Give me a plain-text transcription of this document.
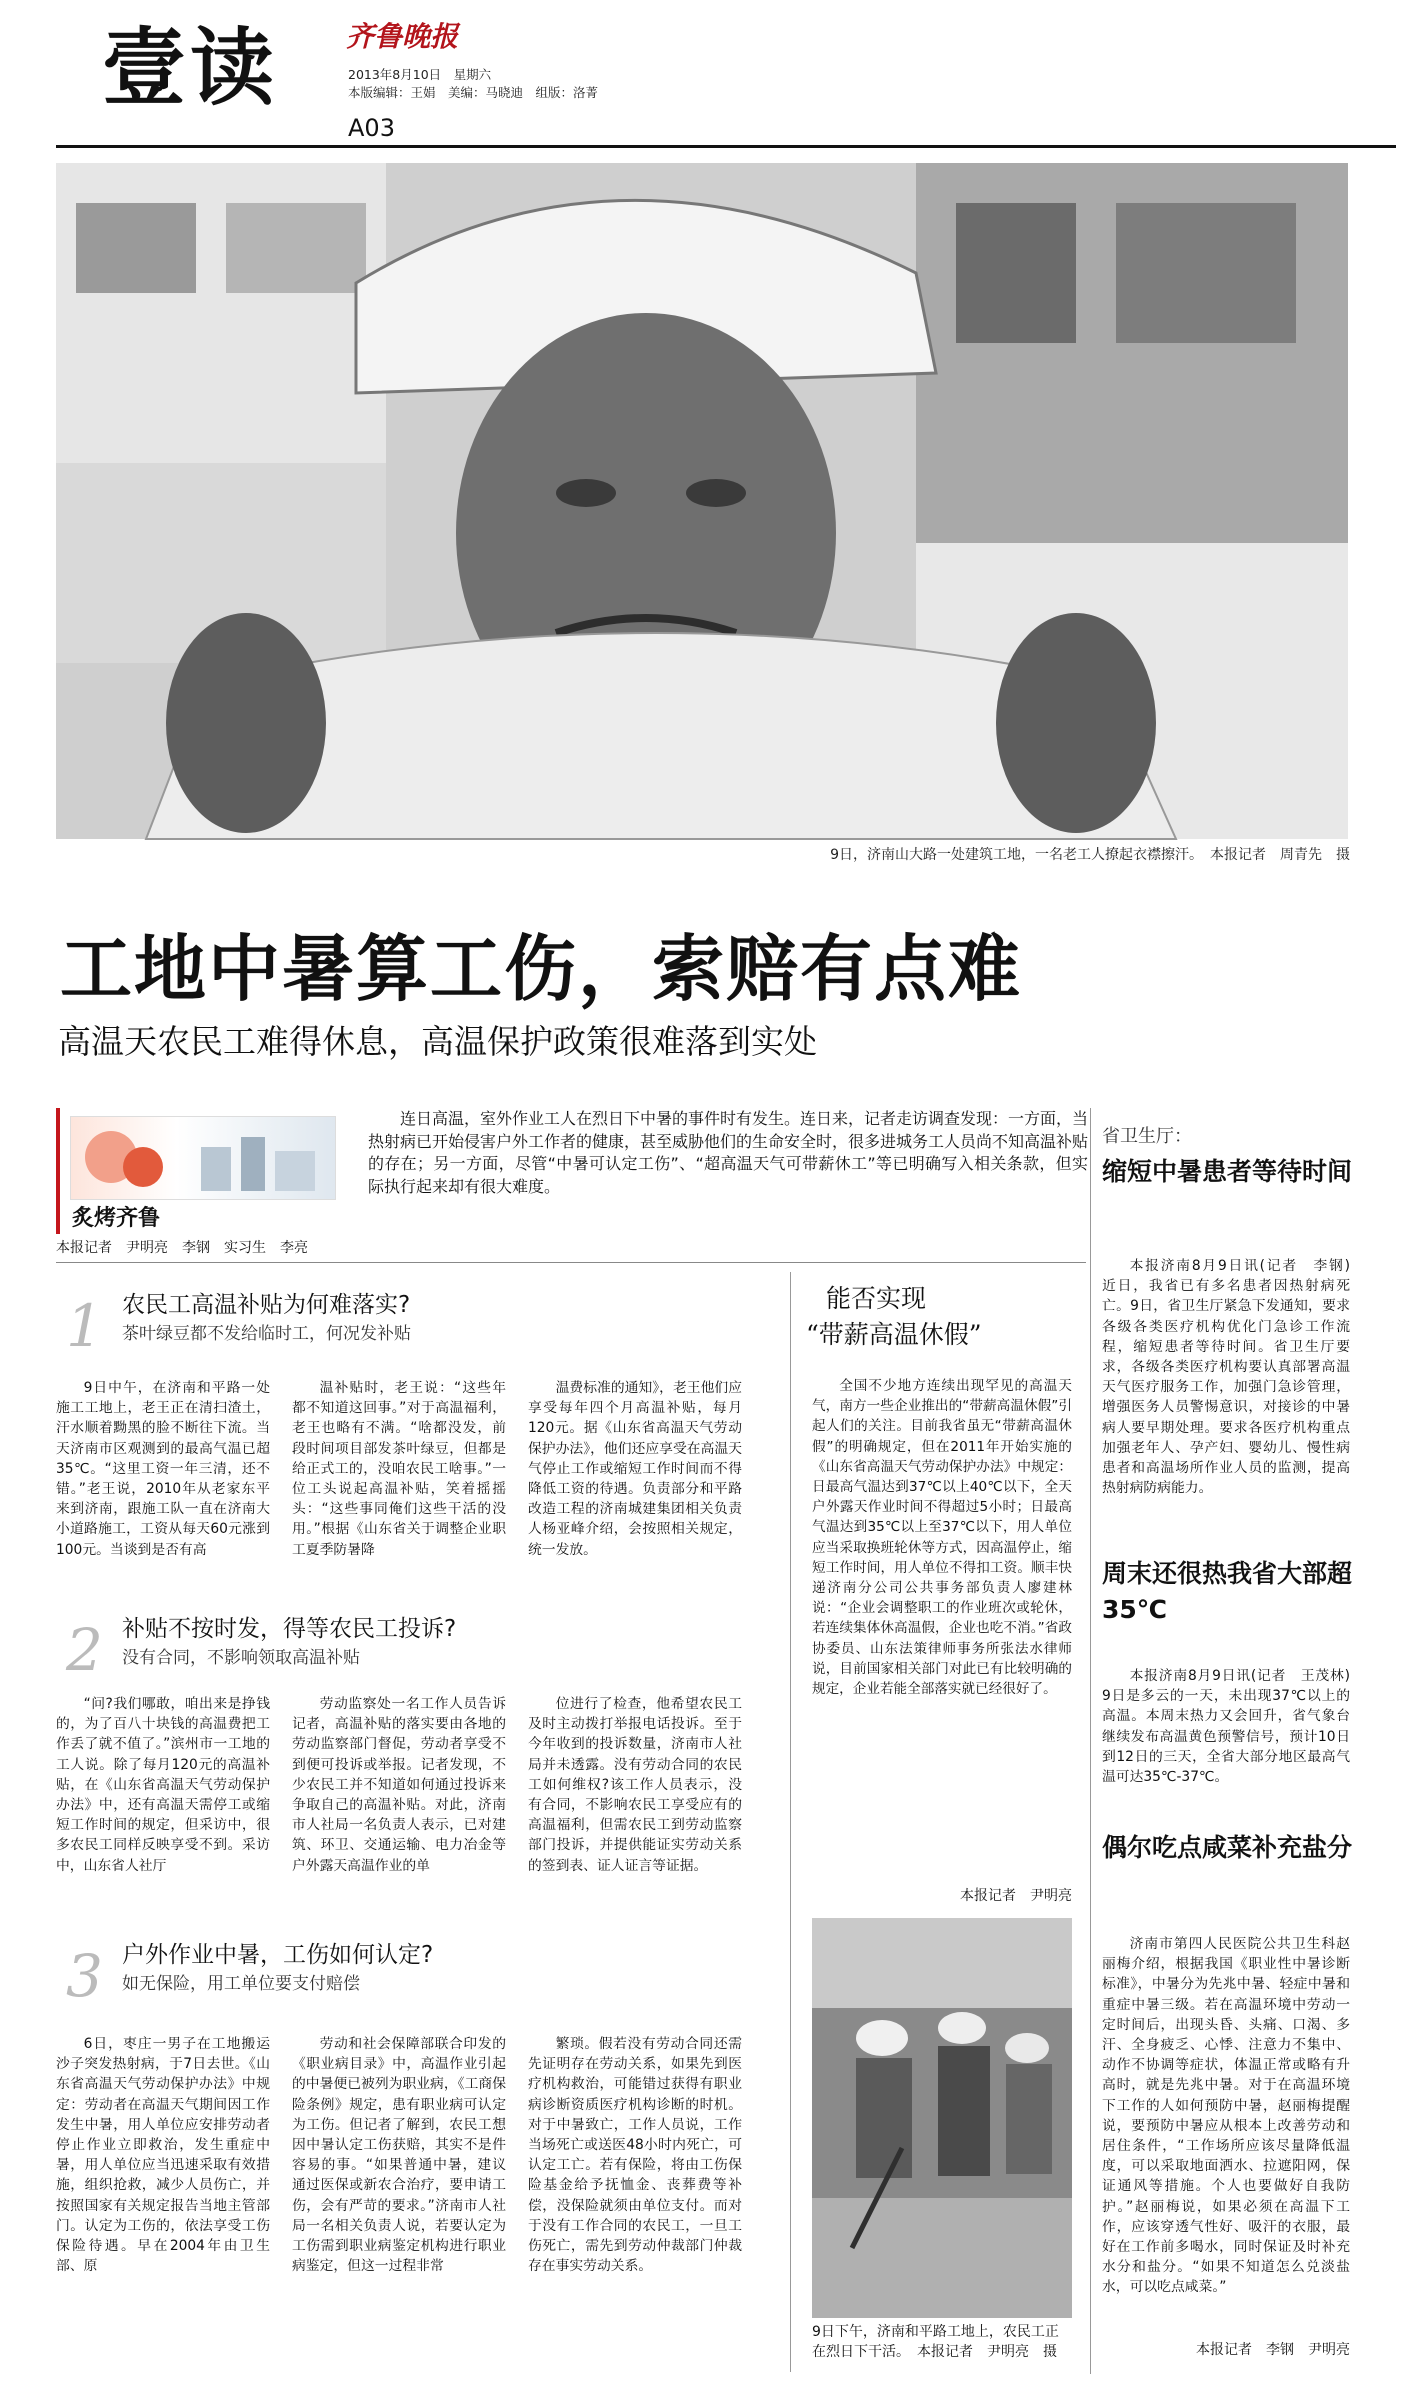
壹读 齐鲁晚报
2013年8月10日　星期六
本版编辑：王娟　美编：马晓迪　组版：洛菁
A03
9日，济南山大路一处建筑工地，一名老工人撩起衣襟擦汗。　本报记者　周青先　摄
工地中暑算工伤，索赔有点难
高温天农民工难得休息，高温保护政策很难落到实处
炙烤齐鲁

连日高温，室外作业工人在烈日下中暑的事件时有发生。连日来，记者走访调查发现：一方面，当热射病已开始侵害户外工作者的健康，甚至威胁他们的生命安全时，很多进城务工人员尚不知高温补贴的存在；另一方面，尽管“中暑可认定工伤”、“超高温天气可带薪休工”等已明确写入相关条款，但实际执行起来却有很大难度。

本报记者　尹明亮　李钢　实习生　李亮
1 农民工高温补贴为何难落实?
茶叶绿豆都不发给临时工，何况发补贴

9日中午，在济南和平路一处施工工地上，老王正在清扫渣土，汗水顺着黝黑的脸不断往下流。当天济南市区观测到的最高气温已超35℃。“这里工资一年三清，还不错。”老王说，2010年从老家东平来到济南，跟施工队一直在济南大小道路施工，工资从每天60元涨到100元。当谈到是否有高

温补贴时，老王说：“这些年都不知道这回事。”对于高温福利，老王也略有不满。“啥都没发，前段时间项目部发茶叶绿豆，但都是给正式工的，没咱农民工啥事。”一位工头说起高温补贴，笑着摇摇头：“这些事同俺们这些干活的没用。”根据《山东省关于调整企业职工夏季防暑降

温费标准的通知》，老王他们应享受每年四个月高温补贴，每月120元。据《山东省高温天气劳动保护办法》，他们还应享受在高温天气停止工作或缩短工作时间而不得降低工资的待遇。负责部分和平路改造工程的济南城建集团相关负责人杨亚峰介绍，会按照相关规定，统一发放。

2 补贴不按时发，得等农民工投诉?
没有合同，不影响领取高温补贴

“问?我们哪敢，咱出来是挣钱的，为了百八十块钱的高温费把工作丢了就不值了。”滨州市一工地的工人说。除了每月120元的高温补贴，在《山东省高温天气劳动保护办法》中，还有高温天需停工或缩短工作时间的规定，但采访中，很多农民工同样反映享受不到。采访中，山东省人社厅

劳动监察处一名工作人员告诉记者，高温补贴的落实要由各地的劳动监察部门督促，劳动者享受不到便可投诉或举报。记者发现，不少农民工并不知道如何通过投诉来争取自己的高温补贴。对此，济南市人社局一名负责人表示，已对建筑、环卫、交通运输、电力冶金等户外露天高温作业的单

位进行了检查，他希望农民工及时主动拨打举报电话投诉。至于今年收到的投诉数量，济南市人社局并未透露。没有劳动合同的农民工如何维权?该工作人员表示，没有合同，不影响农民工享受应有的高温福利，但需农民工到劳动监察部门投诉，并提供能证实劳动关系的签到表、证人证言等证据。

3 户外作业中暑，工伤如何认定?
如无保险，用工单位要支付赔偿

6日，枣庄一男子在工地搬运沙子突发热射病，于7日去世。《山东省高温天气劳动保护办法》中规定：劳动者在高温天气期间因工作发生中暑，用人单位应安排劳动者停止作业立即救治，发生重症中暑，用人单位应当迅速采取有效措施，组织抢救，减少人员伤亡，并按照国家有关规定报告当地主管部门。认定为工伤的，依法享受工伤保险待遇。早在2004年由卫生部、原

劳动和社会保障部联合印发的《职业病目录》中，高温作业引起的中暑便已被列为职业病，《工商保险条例》规定，患有职业病可认定为工伤。但记者了解到，农民工想因中暑认定工伤获赔，其实不是件容易的事。“如果普通中暑，建议通过医保或新农合治疗，要申请工伤，会有严苛的要求。”济南市人社局一名相关负责人说，若要认定为工伤需到职业病鉴定机构进行职业病鉴定，但这一过程非常

繁琐。假若没有劳动合同还需先证明存在劳动关系，如果先到医疗机构救治，可能错过获得有职业病诊断资质医疗机构诊断的时机。对于中暑致亡，工作人员说，工作当场死亡或送医48小时内死亡，可认定工亡。若有保险，将由工伤保险基金给予抚恤金、丧葬费等补偿，没保险就须由单位支付。而对于没有工作合同的农民工，一旦工伤死亡，需先到劳动仲裁部门仲裁存在事实劳动关系。

能否实现
“带薪高温休假”

全国不少地方连续出现罕见的高温天气，南方一些企业推出的“带薪高温休假”引起人们的关注。目前我省虽无“带薪高温休假”的明确规定，但在2011年开始实施的《山东省高温天气劳动保护办法》中规定：日最高气温达到37℃以上40℃以下，全天户外露天作业时间不得超过5小时；日最高气温达到35℃以上至37℃以下，用人单位应当采取换班轮休等方式，因高温停止，缩短工作时间，用人单位不得扣工资。顺丰快递济南分公司公共事务部负责人廖建林说：“企业会调整职工的作业班次或轮休，若连续集体休高温假，企业也吃不消。”省政协委员、山东法策律师事务所张法水律师说，目前国家相关部门对此已有比较明确的规定，企业若能全部落实就已经很好了。

本报记者　尹明亮
9日下午，济南和平路工地上，农民工正在烈日下干活。　本报记者　尹明亮　摄
省卫生厅：
缩短中暑患者等待时间

本报济南8月9日讯(记者　李钢)　近日，我省已有多名患者因热射病死亡。9日，省卫生厅紧急下发通知，要求各级各类医疗机构优化门急诊工作流程，缩短患者等待时间。省卫生厅要求，各级各类医疗机构要认真部署高温天气医疗服务工作，加强门急诊管理，增强医务人员警惕意识，对接诊的中暑病人要早期处理。要求各医疗机构重点加强老年人、孕产妇、婴幼儿、慢性病患者和高温场所作业人员的监测，提高热射病防病能力。

周末还很热我省大部超35℃

本报济南8月9日讯(记者　王茂林)　9日是多云的一天，未出现37℃以上的高温。本周末热力又会回升，省气象台继续发布高温黄色预警信号，预计10日到12日的三天，全省大部分地区最高气温可达35℃-37℃。

偶尔吃点咸菜补充盐分

济南市第四人民医院公共卫生科赵丽梅介绍，根据我国《职业性中暑诊断标准》，中暑分为先兆中暑、轻症中暑和重症中暑三级。若在高温环境中劳动一定时间后，出现头昏、头痛、口渴、多汗、全身疲乏、心悸、注意力不集中、动作不协调等症状，体温正常或略有升高时，就是先兆中暑。对于在高温环境下工作的人如何预防中暑，赵丽梅提醒说，要预防中暑应从根本上改善劳动和居住条件，“工作场所应该尽量降低温度，可以采取地面洒水、拉遮阳网，保证通风等措施。个人也要做好自我防护。”赵丽梅说，如果必须在高温下工作，应该穿透气性好、吸汗的衣服，最好在工作前多喝水，同时保证及时补充水分和盐分。“如果不知道怎么兑淡盐水，可以吃点咸菜。”

本报记者　李钢　尹明亮
